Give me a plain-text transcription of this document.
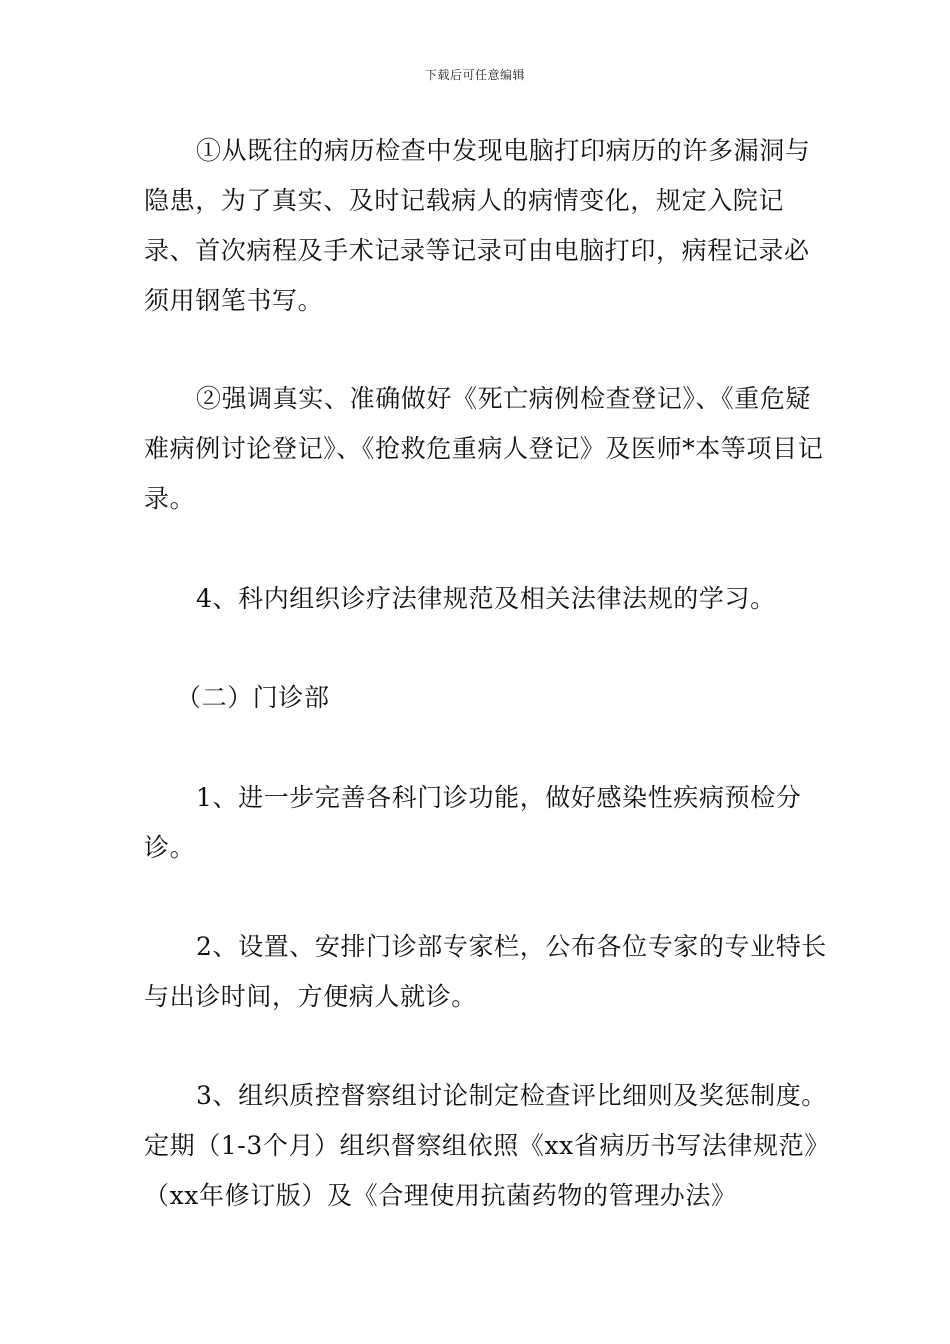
下载后可任意编辑

①从既往的病历检查中发现电脑打印病历的许多漏洞与隐患，为了真实、及时记载病人的病情变化，规定入院记录、首次病程及手术记录等记录可由电脑打印，病程记录必须用钢笔书写。

②强调真实、准确做好《死亡病例检查登记》、《重危疑难病例讨论登记》、《抢救危重病人登记》及医师*本等项目记录。

4、科内组织诊疗法律规范及相关法律法规的学习。

（二）门诊部

1、进一步完善各科门诊功能，做好感染性疾病预检分诊。

2、设置、安排门诊部专家栏，公布各位专家的专业特长与出诊时间，方便病人就诊。

3、组织质控督察组讨论制定检查评比细则及奖惩制度。定期（1-3个月）组织督察组依照《xx省病历书写法律规范》（xx年修订版）及《合理使用抗菌药物的管理办法》
